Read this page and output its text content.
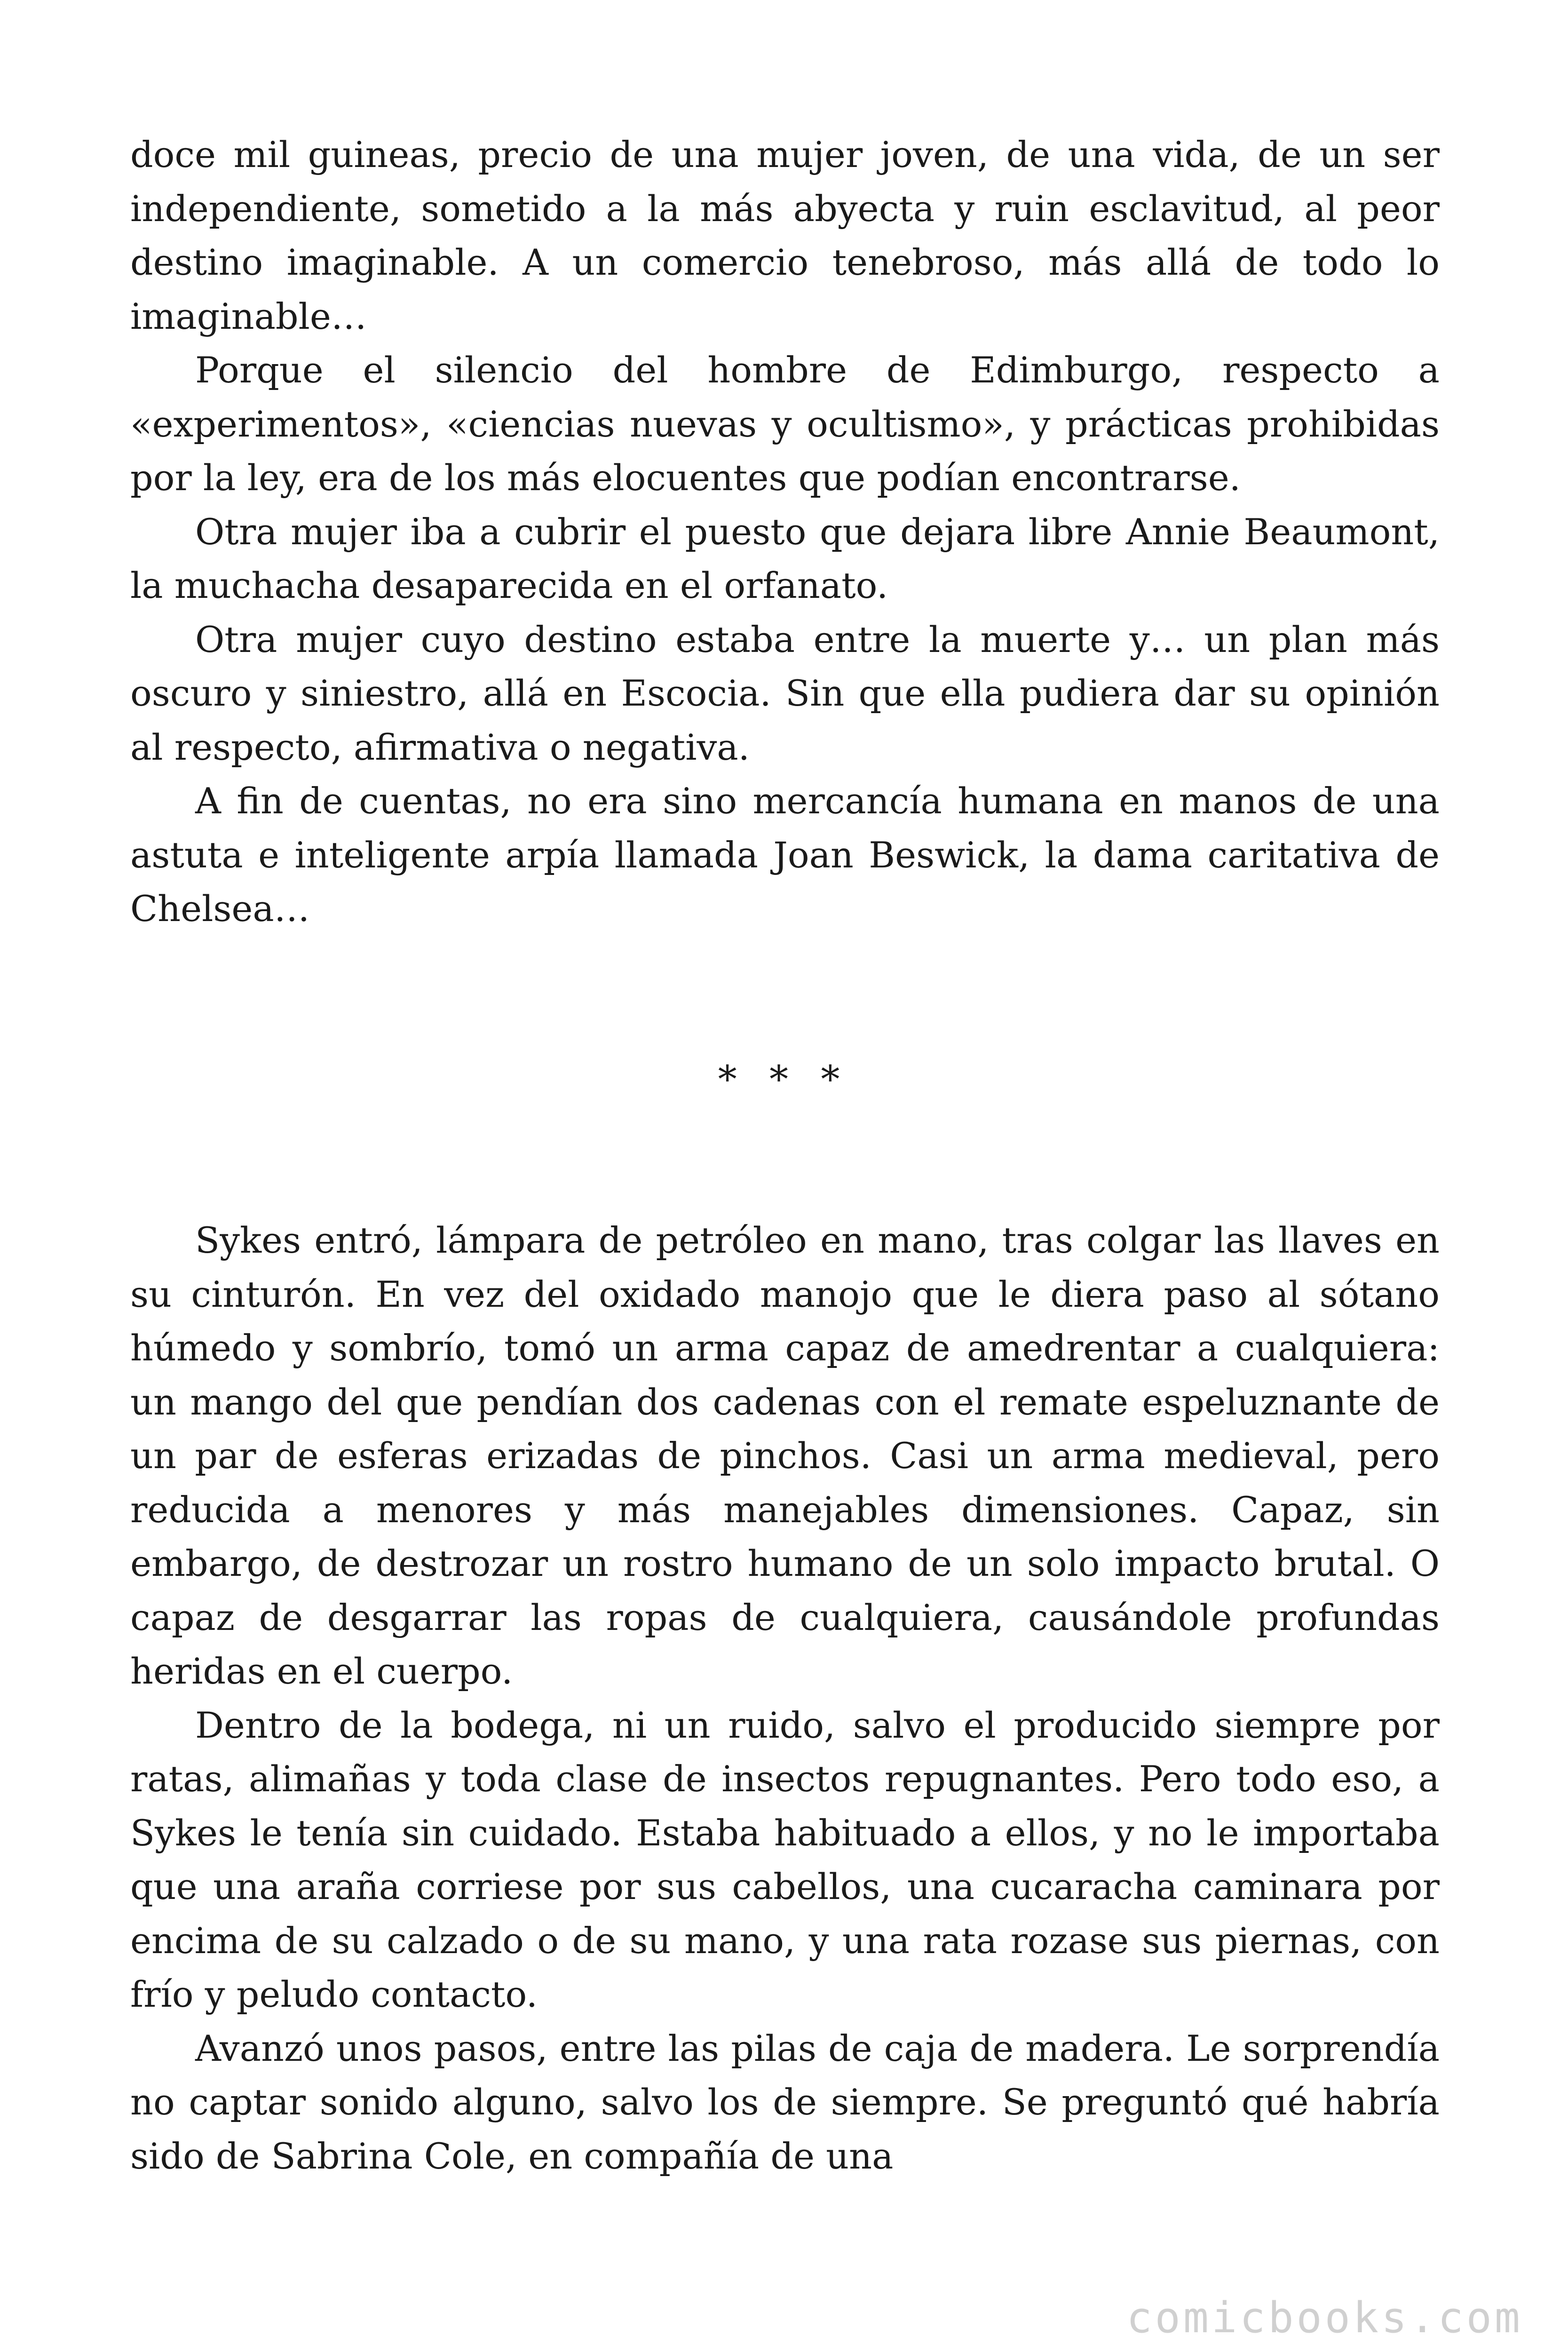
doce mil guineas, precio de una mujer joven, de una vida, de un ser independiente, sometido a la más abyecta y ruin esclavitud, al peor destino imaginable. A un comercio tenebroso, más allá de todo lo imaginable…

Porque el silencio del hombre de Edimburgo, respecto a «experimentos», «ciencias nuevas y ocultismo», y prácticas prohibidas por la ley, era de los más elocuentes que podían encontrarse.

Otra mujer iba a cubrir el puesto que dejara libre Annie Beaumont, la muchacha desaparecida en el orfanato.

Otra mujer cuyo destino estaba entre la muerte y… un plan más oscuro y siniestro, allá en Escocia. Sin que ella pudiera dar su opinión al respecto, afirmativa o negativa.

A fin de cuentas, no era sino mercancía humana en manos de una astuta e inteligente arpía llamada Joan Beswick, la dama caritativa de Chelsea…

* * *

Sykes entró, lámpara de petróleo en mano, tras colgar las llaves en su cinturón. En vez del oxidado manojo que le diera paso al sótano húmedo y sombrío, tomó un arma capaz de amedrentar a cualquiera: un mango del que pendían dos cadenas con el remate espeluznante de un par de esferas erizadas de pinchos. Casi un arma medieval, pero reducida a menores y más manejables dimensiones. Capaz, sin embargo, de destrozar un rostro humano de un solo impacto brutal. O capaz de desgarrar las ropas de cualquiera, causándole profundas heridas en el cuerpo.

Dentro de la bodega, ni un ruido, salvo el producido siempre por ratas, alimañas y toda clase de insectos repugnantes. Pero todo eso, a Sykes le tenía sin cuidado. Estaba habituado a ellos, y no le importaba que una araña corriese por sus cabellos, una cucaracha caminara por encima de su calzado o de su mano, y una rata rozase sus piernas, con frío y peludo contacto.

Avanzó unos pasos, entre las pilas de caja de madera. Le sorprendía no captar sonido alguno, salvo los de siempre. Se preguntó qué habría sido de Sabrina Cole, en compañía de una

comicbooks.com
